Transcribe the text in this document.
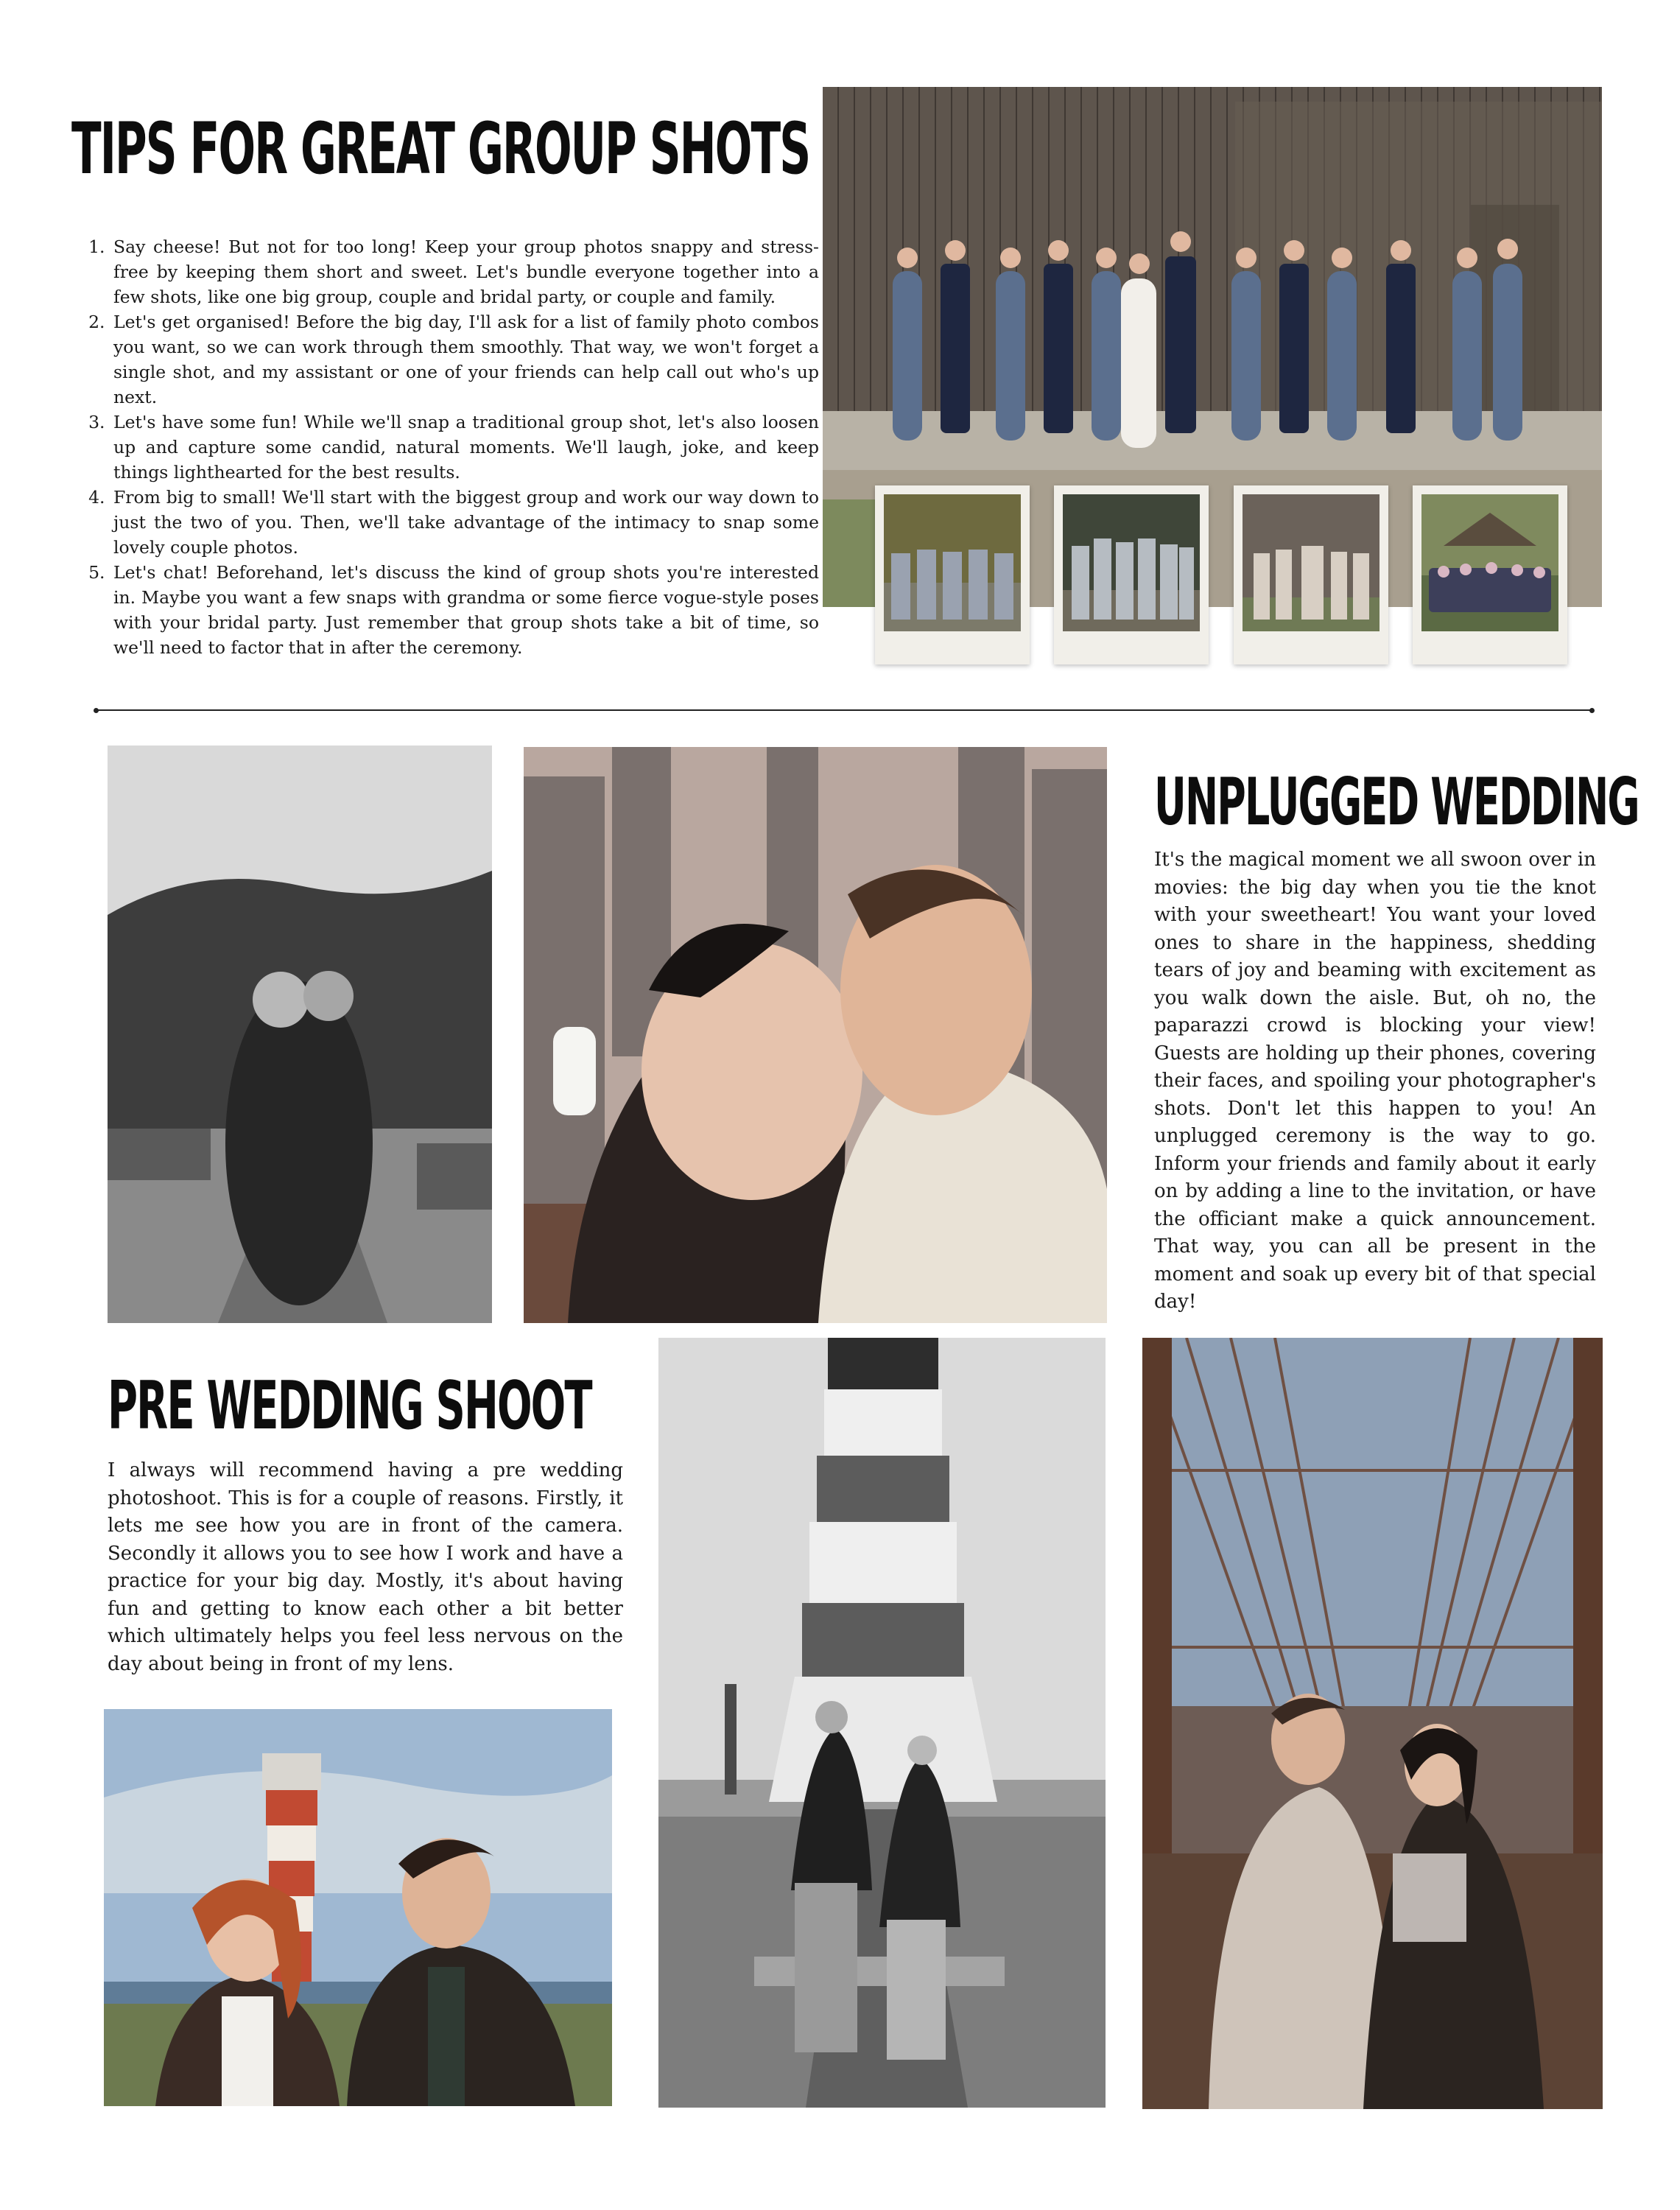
TIPS FOR GREAT GROUP SHOTS
1. Say cheese! But not for too long! Keep your group photos snappy and stress-free by keeping them short and sweet. Let's bundle everyone together into a few shots, like one big group, couple and bridal party, or couple and family.
2. Let's get organised! Before the big day, I'll ask for a list of family photo combos you want, so we can work through them smoothly. That way, we won't forget a single shot, and my assistant or one of your friends can help call out who's up next.
3. Let's have some fun! While we'll snap a traditional group shot, let's also loosen up and capture some candid, natural moments. We'll laugh, joke, and keep things lighthearted for the best results.
4. From big to small! We'll start with the biggest group and work our way down to just the two of you. Then, we'll take advantage of the intimacy to snap some lovely couple photos.
5. Let's chat! Beforehand, let's discuss the kind of group shots you're interested in. Maybe you want a few snaps with grandma or some fierce vogue-style poses with your bridal party. Just remember that group shots take a bit of time, so we'll need to factor that in after the ceremony.
UNPLUGGED WEDDING

It's the magical moment we all swoon over in movies: the big day when you tie the knot with your sweetheart! You want your loved ones to share in the happiness, shedding tears of joy and beaming with excitement as you walk down the aisle. But, oh no, the paparazzi crowd is blocking your view! Guests are holding up their phones, covering their faces, and spoiling your photographer's shots. Don't let this happen to you! An unplugged ceremony is the way to go. Inform your friends and family about it early on by adding a line to the invitation, or have the officiant make a quick announcement. That way, you can all be present in the moment and soak up every bit of that special day!

PRE WEDDING SHOOT

I always will recommend having a pre wedding photoshoot. This is for a couple of reasons. Firstly, it lets me see how you are in front of the camera. Secondly it allows you to see how I work and have a practice for your big day. Mostly, it's about having fun and getting to know each other a bit better which ultimately helps you feel less nervous on the day about being in front of my lens.
